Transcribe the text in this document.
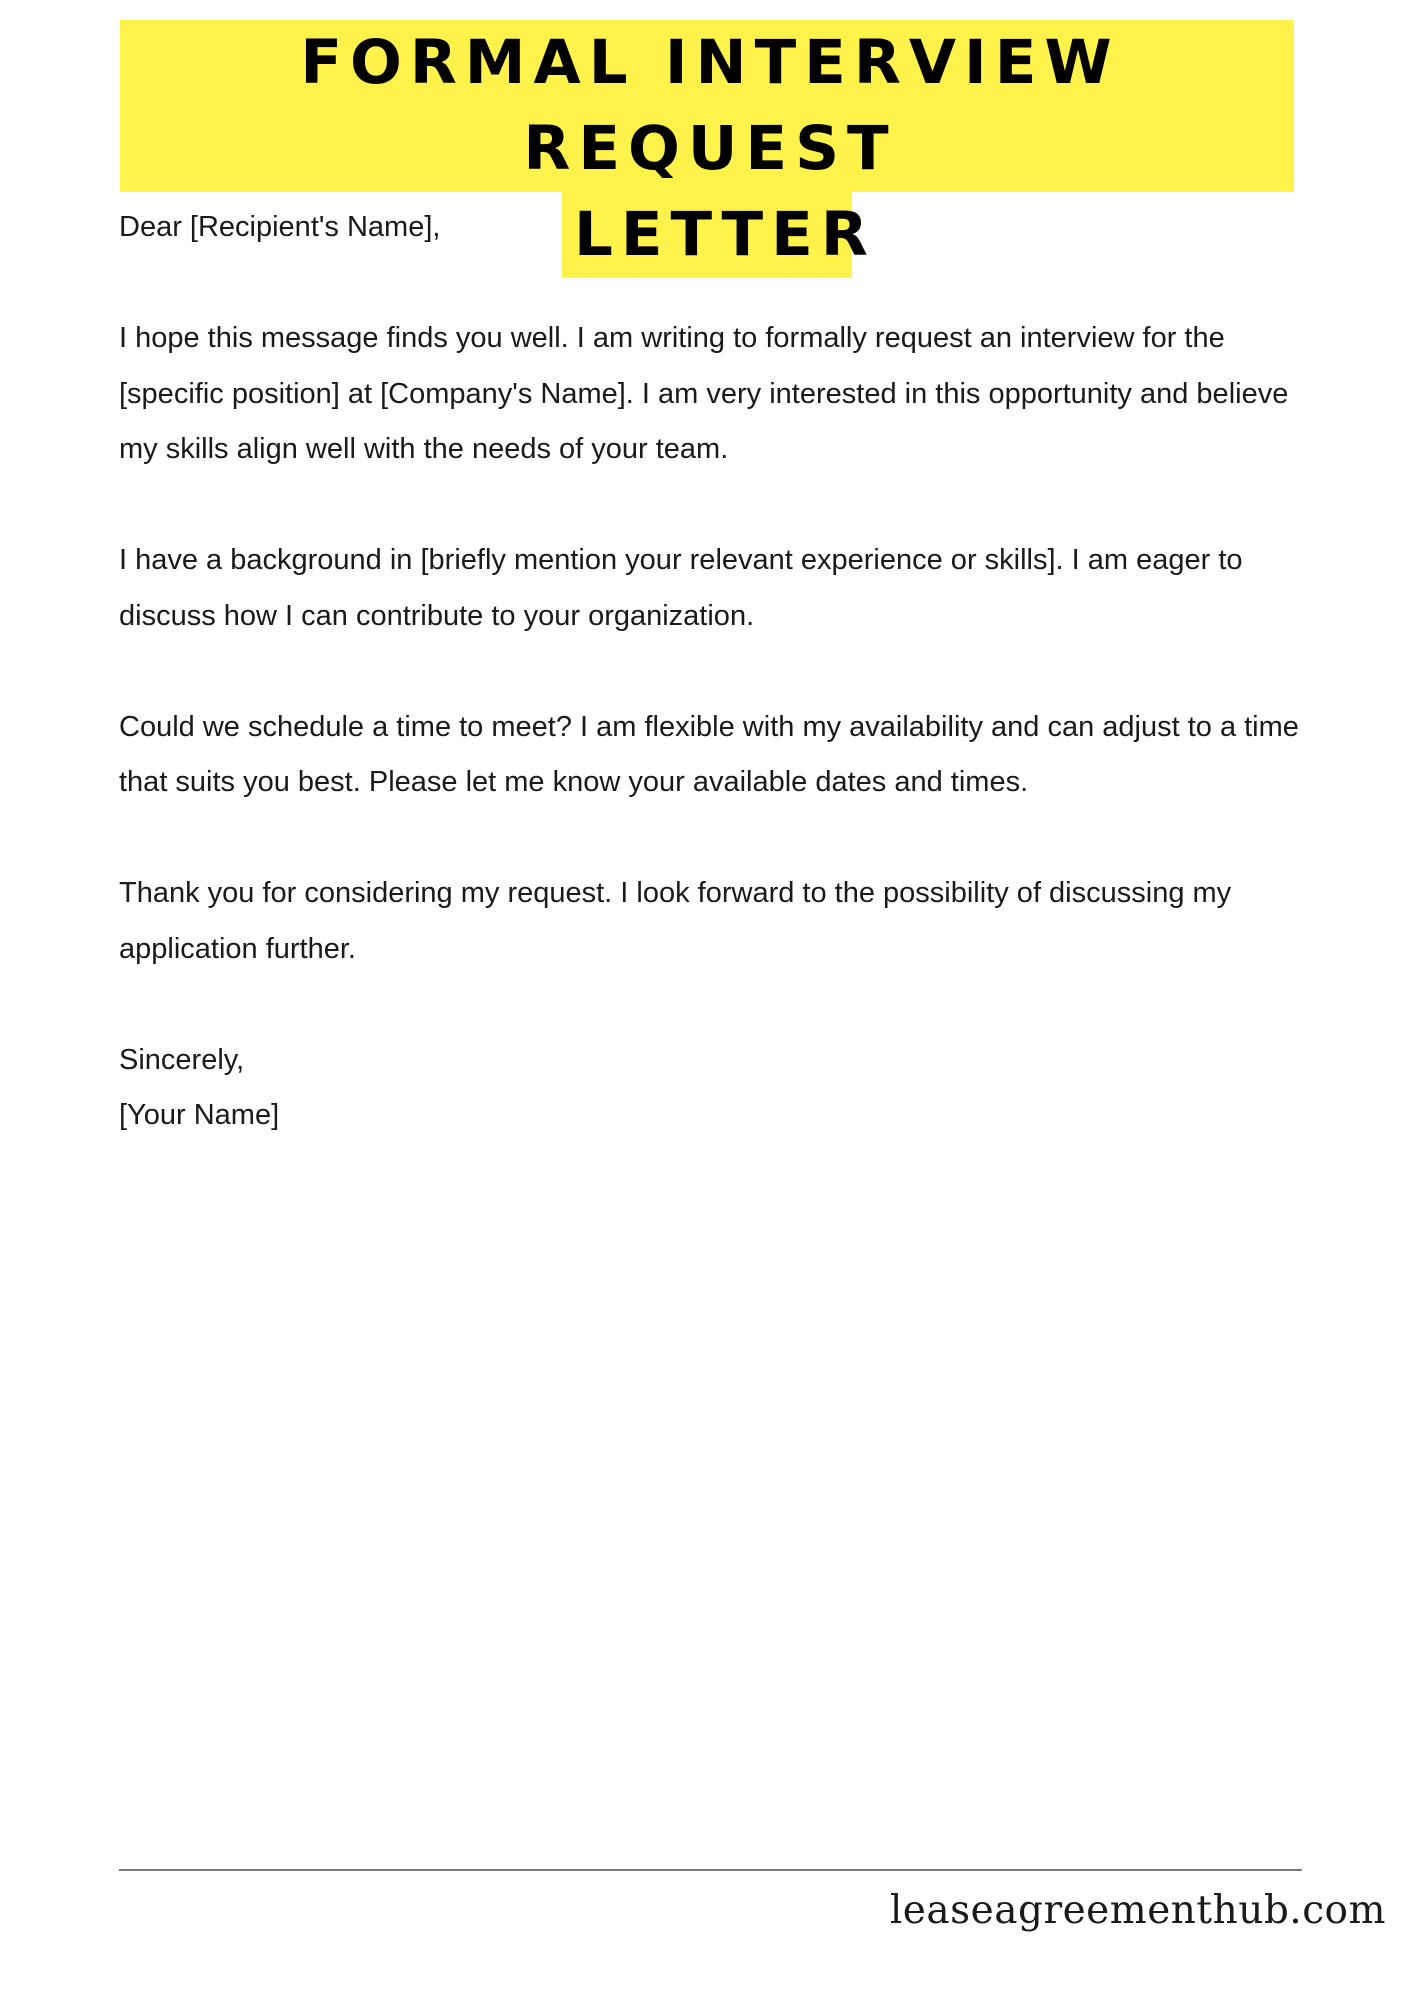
FORMAL INTERVIEW REQUEST
LETTER

Dear [Recipient's Name],

I hope this message finds you well. I am writing to formally request an interview for the [specific position] at [Company's Name]. I am very interested in this opportunity and believe my skills align well with the needs of your team.

I have a background in [briefly mention your relevant experience or skills]. I am eager to discuss how I can contribute to your organization.

Could we schedule a time to meet? I am flexible with my availability and can adjust to a time that suits you best. Please let me know your available dates and times.

Thank you for considering my request. I look forward to the possibility of discussing my application further.

Sincerely,

[Your Name]

leaseagreementhub.com
